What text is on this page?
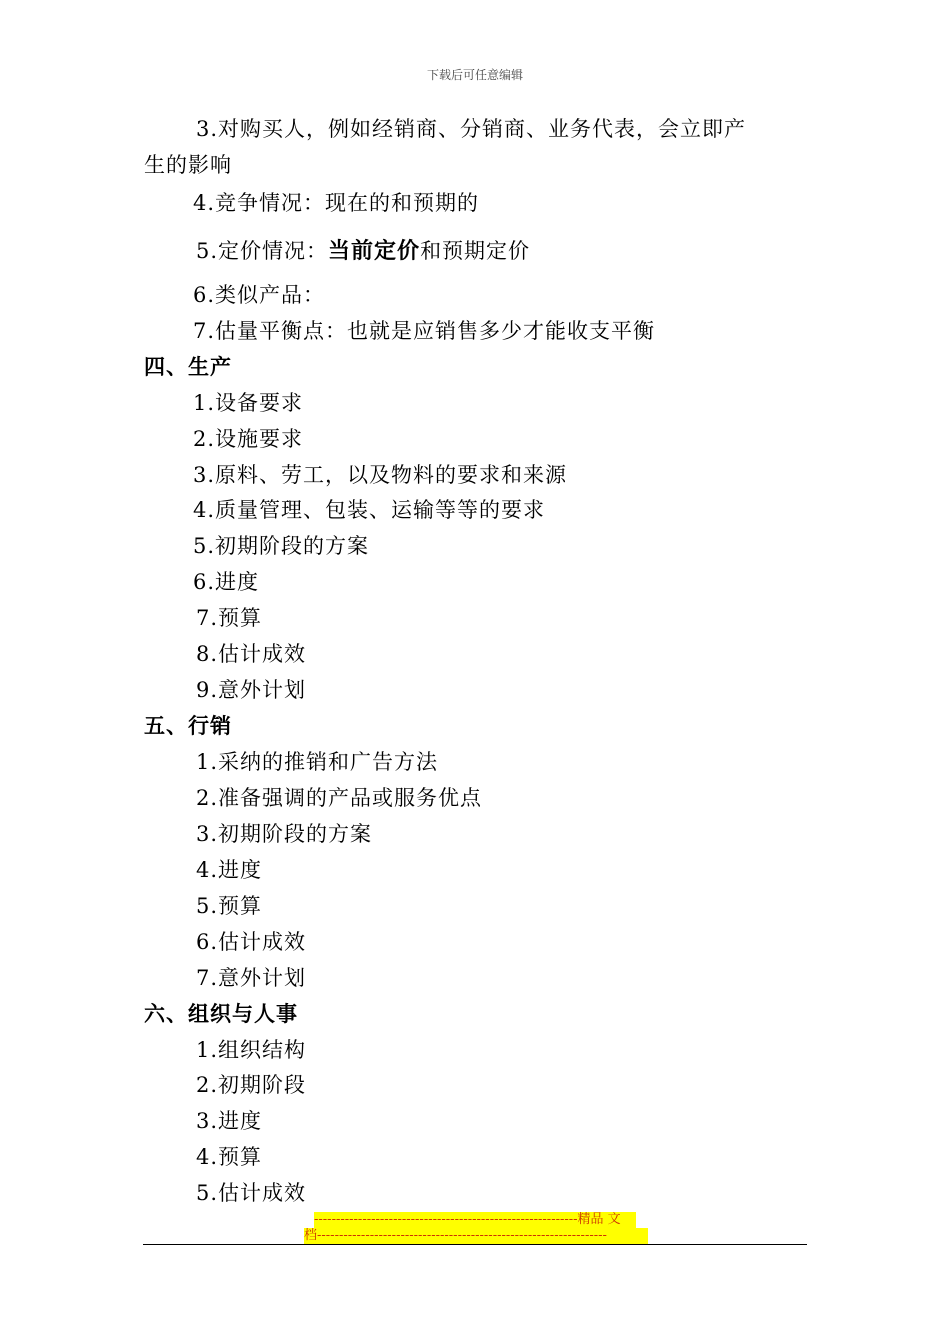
下载后可任意编辑
3.对购买人，例如经销商、分销商、业务代表，会立即产
生的影响
4.竞争情况：现在的和预期的
5.定价情况：当前定价和预期定价
6.类似产品：
7.估量平衡点：也就是应销售多少才能收支平衡
四、生产
1.设备要求
2.设施要求
3.原料、劳工，以及物料的要求和来源
4.质量管理、包装、运输等等的要求
5.初期阶段的方案
6.进度
7.预算
8.估计成效
9.意外计划
五、行销
1.采纳的推销和广告方法
2.准备强调的产品或服务优点
3.初期阶段的方案
4.进度
5.预算
6.估计成效
7.意外计划
六、组织与人事
1.组织结构
2.初期阶段
3.进度
4.预算
5.估计成效
------------------------------------------------------------精品 文
档------------------------------------------------------------------
